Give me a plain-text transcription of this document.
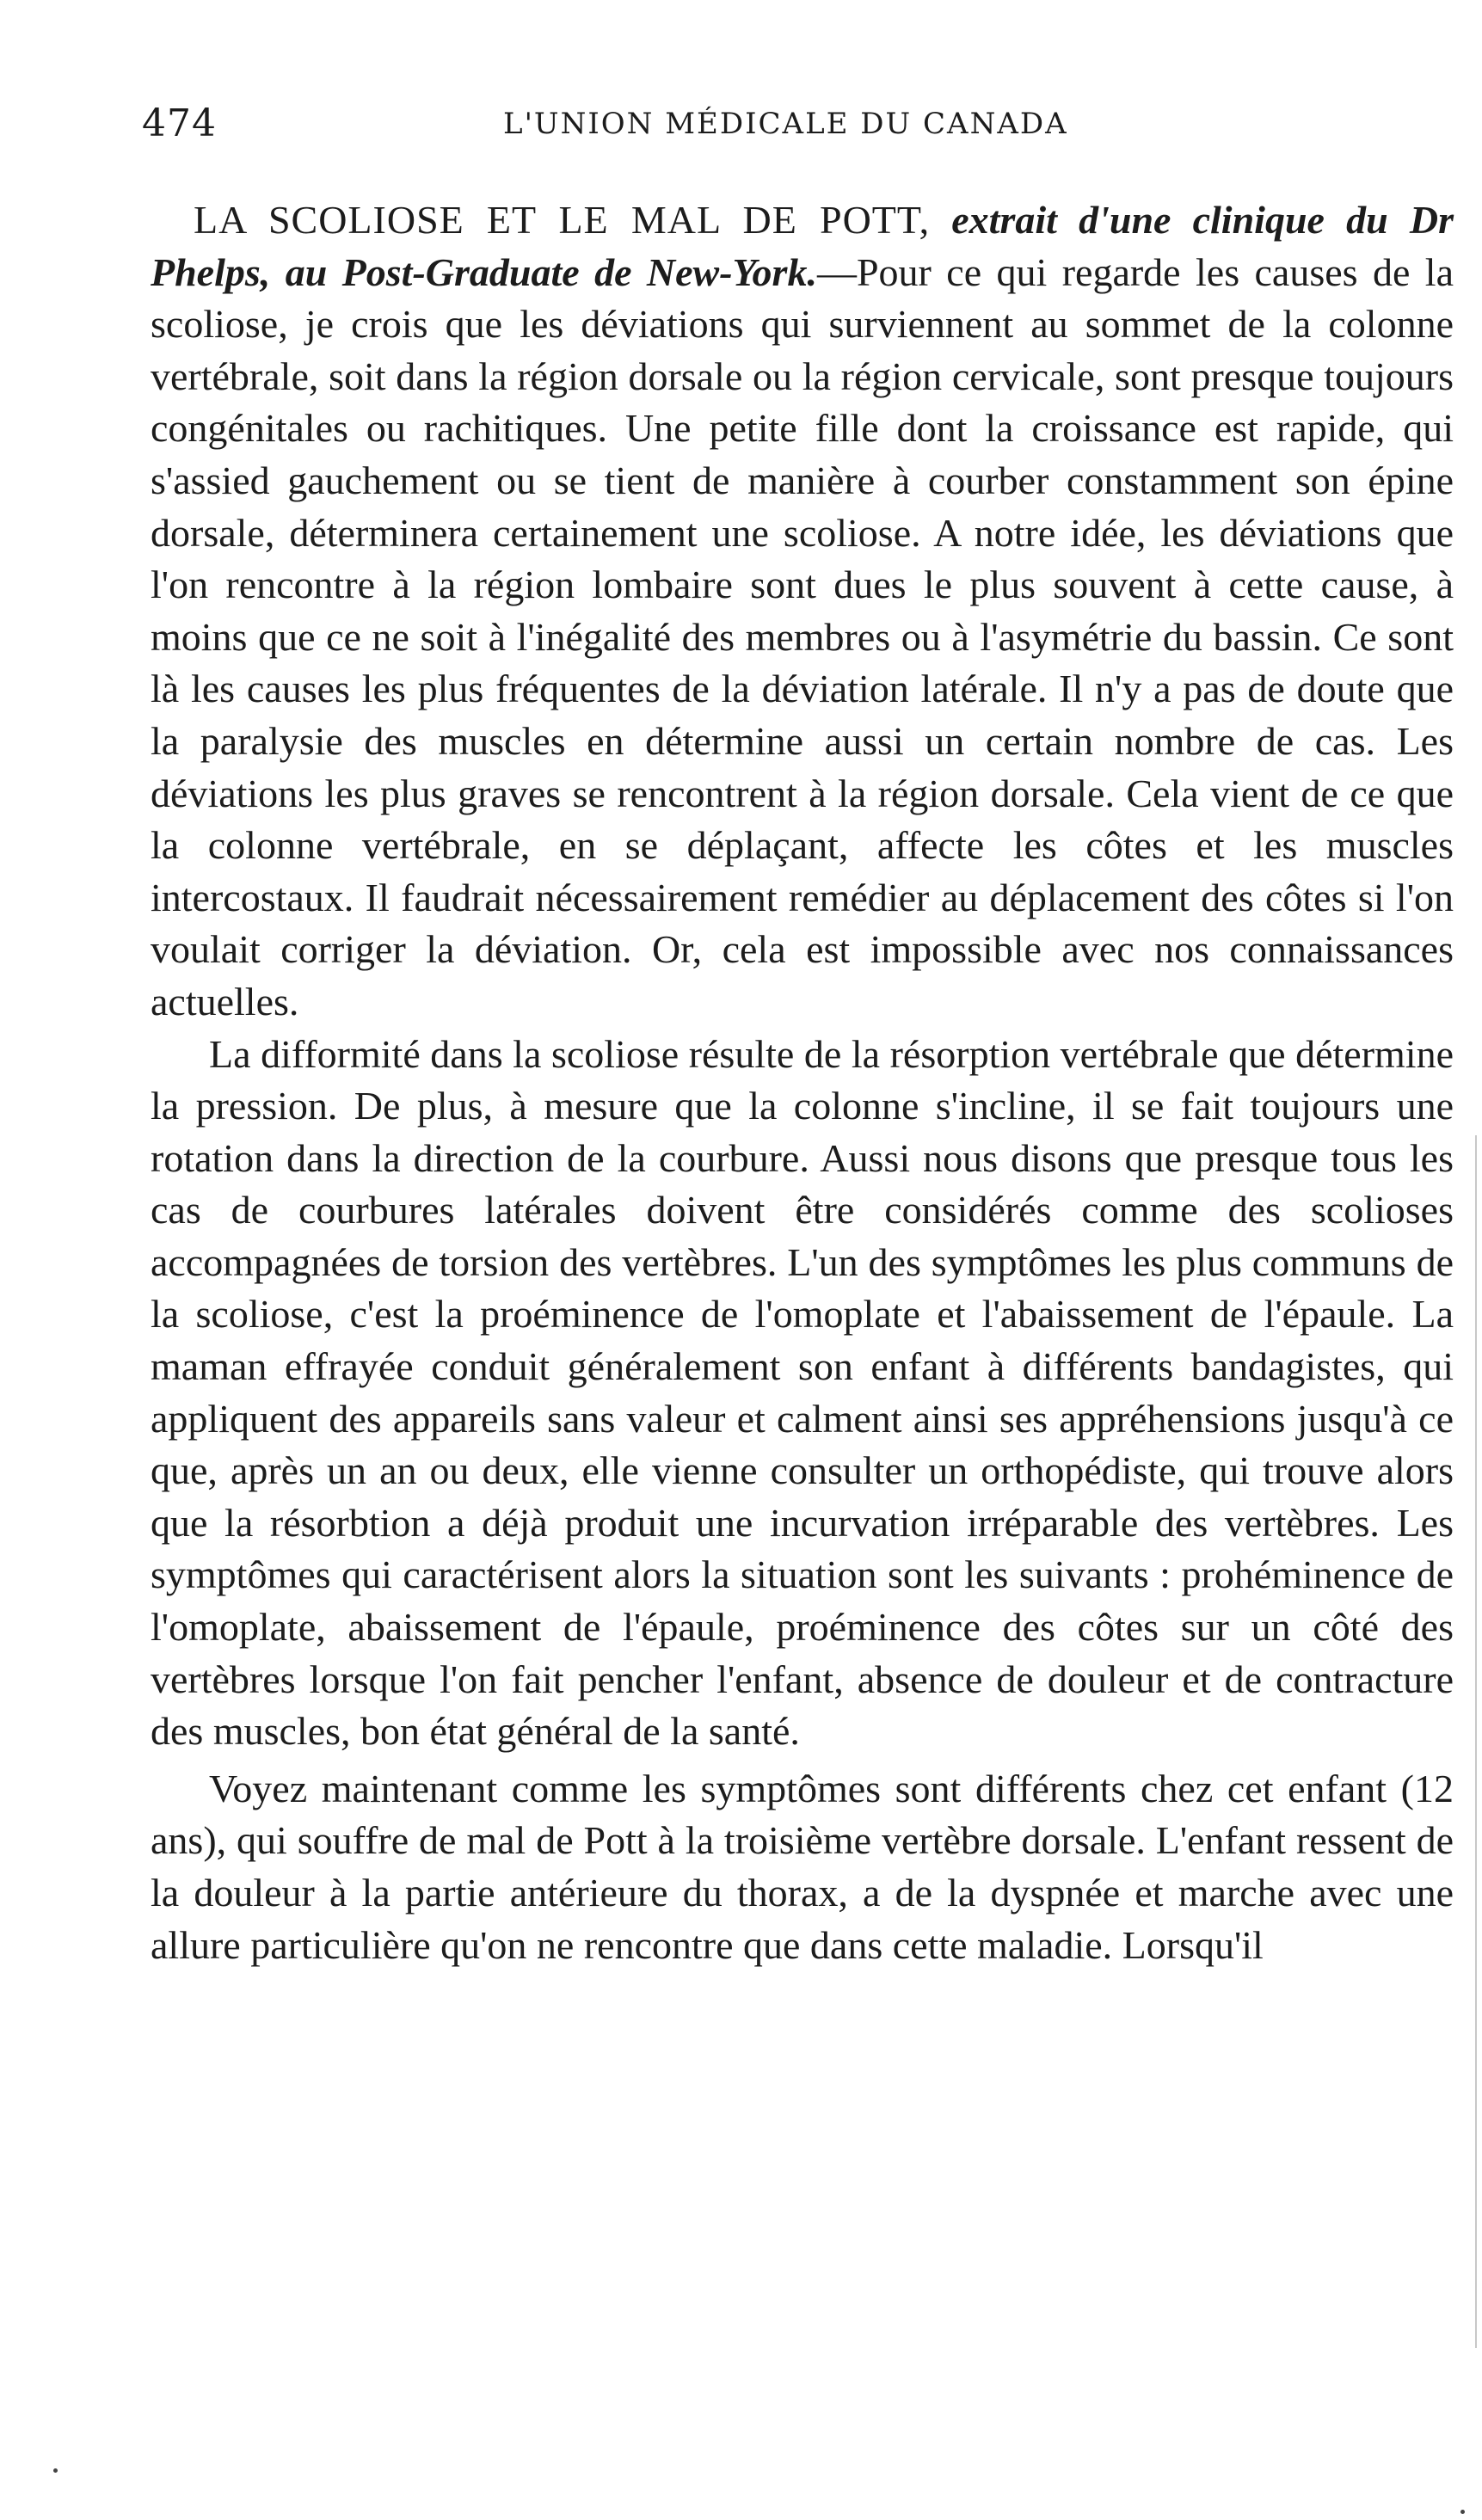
474	L'UNION MÉDICALE DU CANADA

LA SCOLIOSE ET LE MAL DE POTT, extrait d'une clinique du Dr Phelps, au Post-Graduate de New-York.—Pour ce qui regarde les causes de la scoliose, je crois que les déviations qui surviennent au sommet de la colonne vertébrale, soit dans la région dorsale ou la région cervicale, sont presque toujours congénitales ou rachitiques. Une petite fille dont la croissance est rapide, qui s'assied gauchement ou se tient de manière à courber constamment son épine dorsale, déterminera certainement une scoliose. A notre idée, les déviations que l'on rencontre à la région lombaire sont dues le plus souvent à cette cause, à moins que ce ne soit à l'inégalité des membres ou à l'asymétrie du bassin. Ce sont là les causes les plus fréquentes de la déviation latérale. Il n'y a pas de doute que la paralysie des muscles en détermine aussi un certain nombre de cas. Les déviations les plus graves se rencontrent à la région dorsale. Cela vient de ce que la colonne vertébrale, en se déplaçant, affecte les côtes et les muscles intercostaux. Il faudrait nécessairement remédier au déplacement des côtes si l'on voulait corriger la déviation. Or, cela est impossible avec nos connaissances actuelles.

La difformité dans la scoliose résulte de la résorption vertébrale que détermine la pression. De plus, à mesure que la colonne s'incline, il se fait toujours une rotation dans la direction de la courbure. Aussi nous disons que presque tous les cas de courbures latérales doivent être considérés comme des scolioses accompagnées de torsion des vertèbres. L'un des symptômes les plus communs de la scoliose, c'est la proéminence de l'omoplate et l'abaissement de l'épaule. La maman effrayée conduit généralement son enfant à différents bandagistes, qui appliquent des appareils sans valeur et calment ainsi ses appréhensions jusqu'à ce que, après un an ou deux, elle vienne consulter un orthopédiste, qui trouve alors que la résorbtion a déjà produit une incurvation irréparable des vertèbres. Les symptômes qui caractérisent alors la situation sont les suivants : prohéminence de l'omoplate, abaissement de l'épaule, proéminence des côtes sur un côté des vertèbres lorsque l'on fait pencher l'enfant, absence de douleur et de contracture des muscles, bon état général de la santé.

Voyez maintenant comme les symptômes sont différents chez cet enfant (12 ans), qui souffre de mal de Pott à la troisième vertèbre dorsale. L'enfant ressent de la douleur à la partie antérieure du thorax, a de la dyspnée et marche avec une allure particulière qu'on ne rencontre que dans cette maladie. Lorsqu'il
